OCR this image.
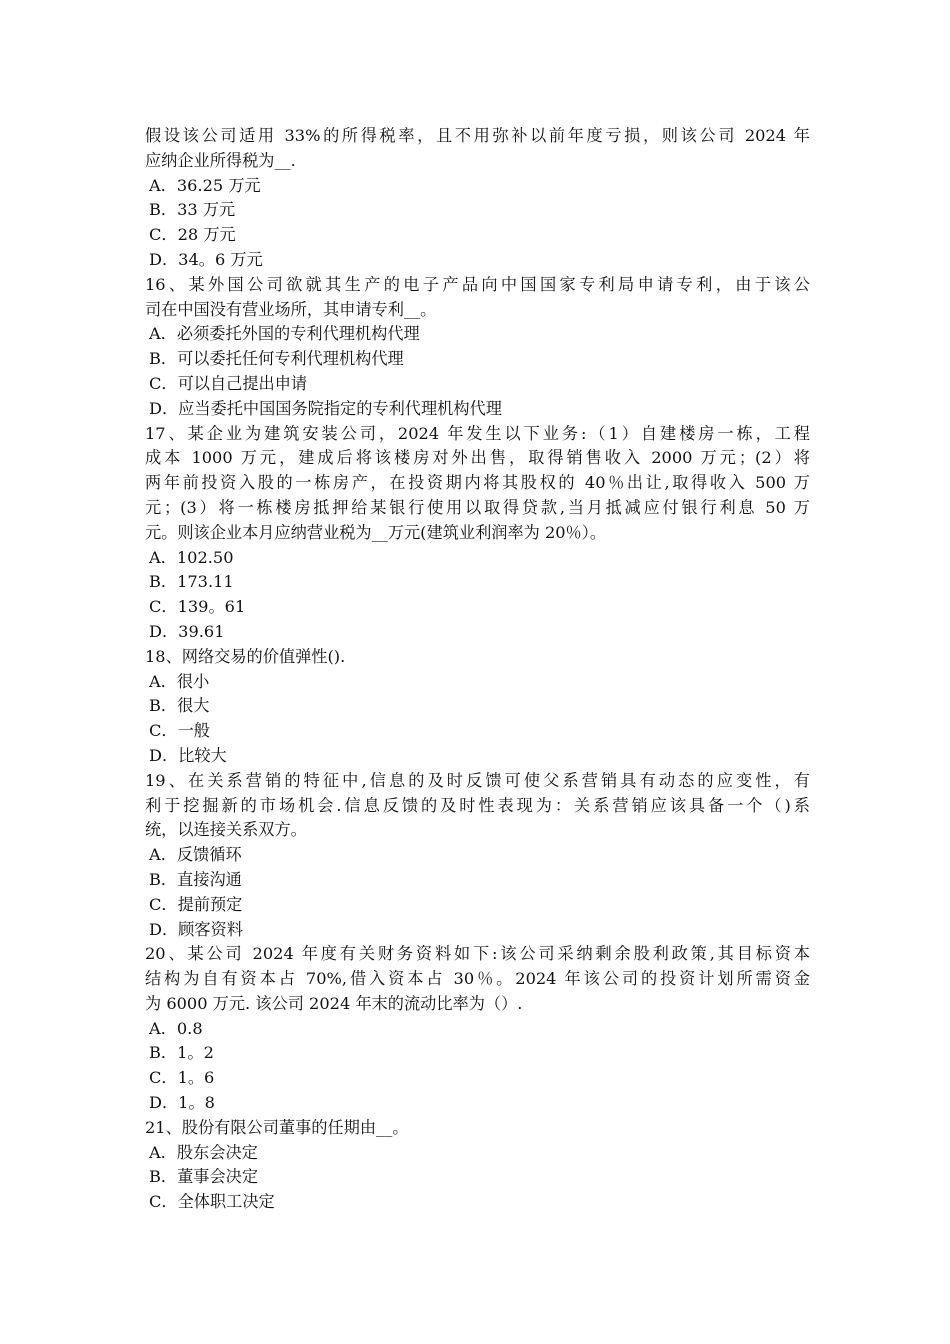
假设该公司适用 33%的所得税率，且不用弥补以前年度亏损，则该公司 2024 年
应纳企业所得税为__.
A．36.25 万元
B．33 万元
C．28 万元
D．34。6 万元
16、某外国公司欲就其生产的电子产品向中国国家专利局申请专利，由于该公
司在中国没有营业场所，其申请专利__。
A．必须委托外国的专利代理机构代理
B．可以委托任何专利代理机构代理
C．可以自己提出申请
D．应当委托中国国务院指定的专利代理机构代理
17、某企业为建筑安装公司，2024 年发生以下业务:（1）自建楼房一栋，工程
成本 1000 万元，建成后将该楼房对外出售，取得销售收入 2000 万元；(2）将
两年前投资入股的一栋房产，在投资期内将其股权的 40％出让,取得收入 500 万
元；(3）将一栋楼房抵押给某银行使用以取得贷款,当月抵减应付银行利息 50 万
元。则该企业本月应纳营业税为__万元(建筑业利润率为 20％）。
A．102.50
B．173.11
C．139。61
D．39.61
18、网络交易的价值弹性().
A．很小
B．很大
C．一般
D．比较大
19、在关系营销的特征中,信息的及时反馈可使父系营销具有动态的应变性，有
利于挖掘新的市场机会.信息反馈的及时性表现为：关系营销应该具备一个（)系
统，以连接关系双方。
A．反馈循环
B．直接沟通
C．提前预定
D．顾客资料
20、某公司 2024 年度有关财务资料如下:该公司采纳剩余股利政策,其目标资本
结构为自有资本占 70%,借入资本占 30％。2024 年该公司的投资计划所需资金
为 6000 万元. 该公司 2024 年末的流动比率为（）.
A．0.8
B．1。2
C．1。6
D．1。8
21、股份有限公司董事的任期由__。
A．股东会决定
B．董事会决定
C．全体职工决定
